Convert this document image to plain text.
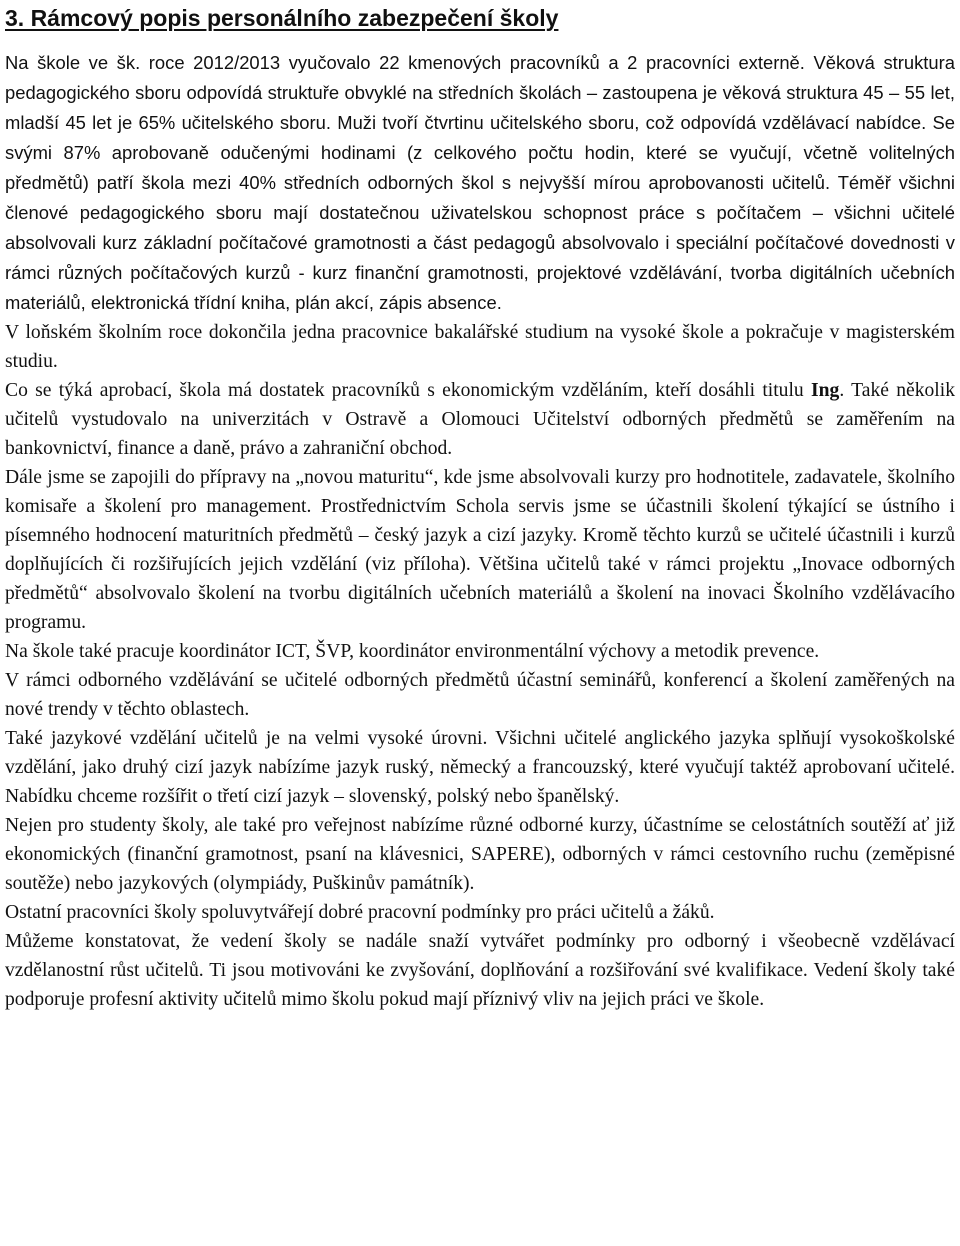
3. Rámcový popis personálního zabezpečení školy

Na škole ve šk. roce 2012/2013 vyučovalo 22 kmenových pracovníků a 2 pracovníci externě. Věková struktura pedagogického sboru odpovídá struktuře obvyklé na středních školách – zastoupena je věková struktura 45 – 55 let, mladší 45 let je 65% učitelského sboru. Muži tvoří čtvrtinu učitelského sboru, což odpovídá vzdělávací nabídce. Se svými 87% aprobovaně odučenými hodinami (z celkového počtu hodin, které se vyučují, včetně volitelných předmětů) patří škola mezi 40% středních odborných škol s nejvyšší mírou aprobovanosti učitelů. Téměř všichni členové pedagogického sboru mají dostatečnou uživatelskou schopnost práce s počítačem – všichni učitelé absolvovali kurz základní počítačové gramotnosti a část pedagogů absolvovalo i speciální počítačové dovednosti v rámci různých počítačových kurzů - kurz finanční gramotnosti, projektové vzdělávání, tvorba digitálních učebních materiálů, elektronická třídní kniha, plán akcí, zápis absence.

V loňském školním roce dokončila jedna pracovnice bakalářské studium na vysoké škole a pokračuje v magisterském studiu.

Co se týká aprobací, škola má dostatek pracovníků s ekonomickým vzděláním, kteří dosáhli titulu Ing. Také několik učitelů vystudovalo na univerzitách v Ostravě a Olomouci Učitelství odborných předmětů se zaměřením na bankovnictví, finance a daně, právo a zahraniční obchod.

Dále jsme se zapojili do přípravy na „novou maturitu“, kde jsme absolvovali kurzy pro hodnotitele, zadavatele, školního komisaře a školení pro management. Prostřednictvím Schola servis jsme se účastnili školení týkající se ústního i písemného hodnocení maturitních předmětů – český jazyk a cizí jazyky. Kromě těchto kurzů se učitelé účastnili i kurzů doplňujících či rozšiřujících jejich vzdělání (viz příloha). Většina učitelů také v rámci projektu „Inovace odborných předmětů“ absolvovalo školení na tvorbu digitálních učebních materiálů a školení na inovaci Školního vzdělávacího programu.

Na škole také pracuje koordinátor ICT, ŠVP, koordinátor environmentální výchovy a metodik prevence.

V rámci odborného vzdělávání se učitelé odborných předmětů účastní seminářů, konferencí a školení zaměřených na nové trendy v těchto oblastech.

Také jazykové vzdělání učitelů je na velmi vysoké úrovni. Všichni učitelé anglického jazyka splňují vysokoškolské vzdělání, jako druhý cizí jazyk nabízíme jazyk ruský, německý a francouzský, které vyučují taktéž aprobovaní učitelé. Nabídku chceme rozšířit o třetí cizí jazyk – slovenský, polský nebo španělský.

Nejen pro studenty školy, ale také pro veřejnost nabízíme různé odborné kurzy, účastníme se celostátních soutěží ať již ekonomických (finanční gramotnost, psaní na klávesnici, SAPERE), odborných v rámci cestovního ruchu (zeměpisné soutěže) nebo jazykových (olympiády, Puškinův památník).

Ostatní pracovníci školy spoluvytvářejí dobré pracovní podmínky pro práci učitelů a žáků.

Můžeme konstatovat, že vedení školy se nadále snaží vytvářet podmínky pro odborný i všeobecně vzdělávací vzdělanostní růst učitelů. Ti jsou motivováni ke zvyšování, doplňování a rozšiřování své kvalifikace. Vedení školy také podporuje profesní aktivity učitelů mimo školu pokud mají příznivý vliv na jejich práci ve škole.
